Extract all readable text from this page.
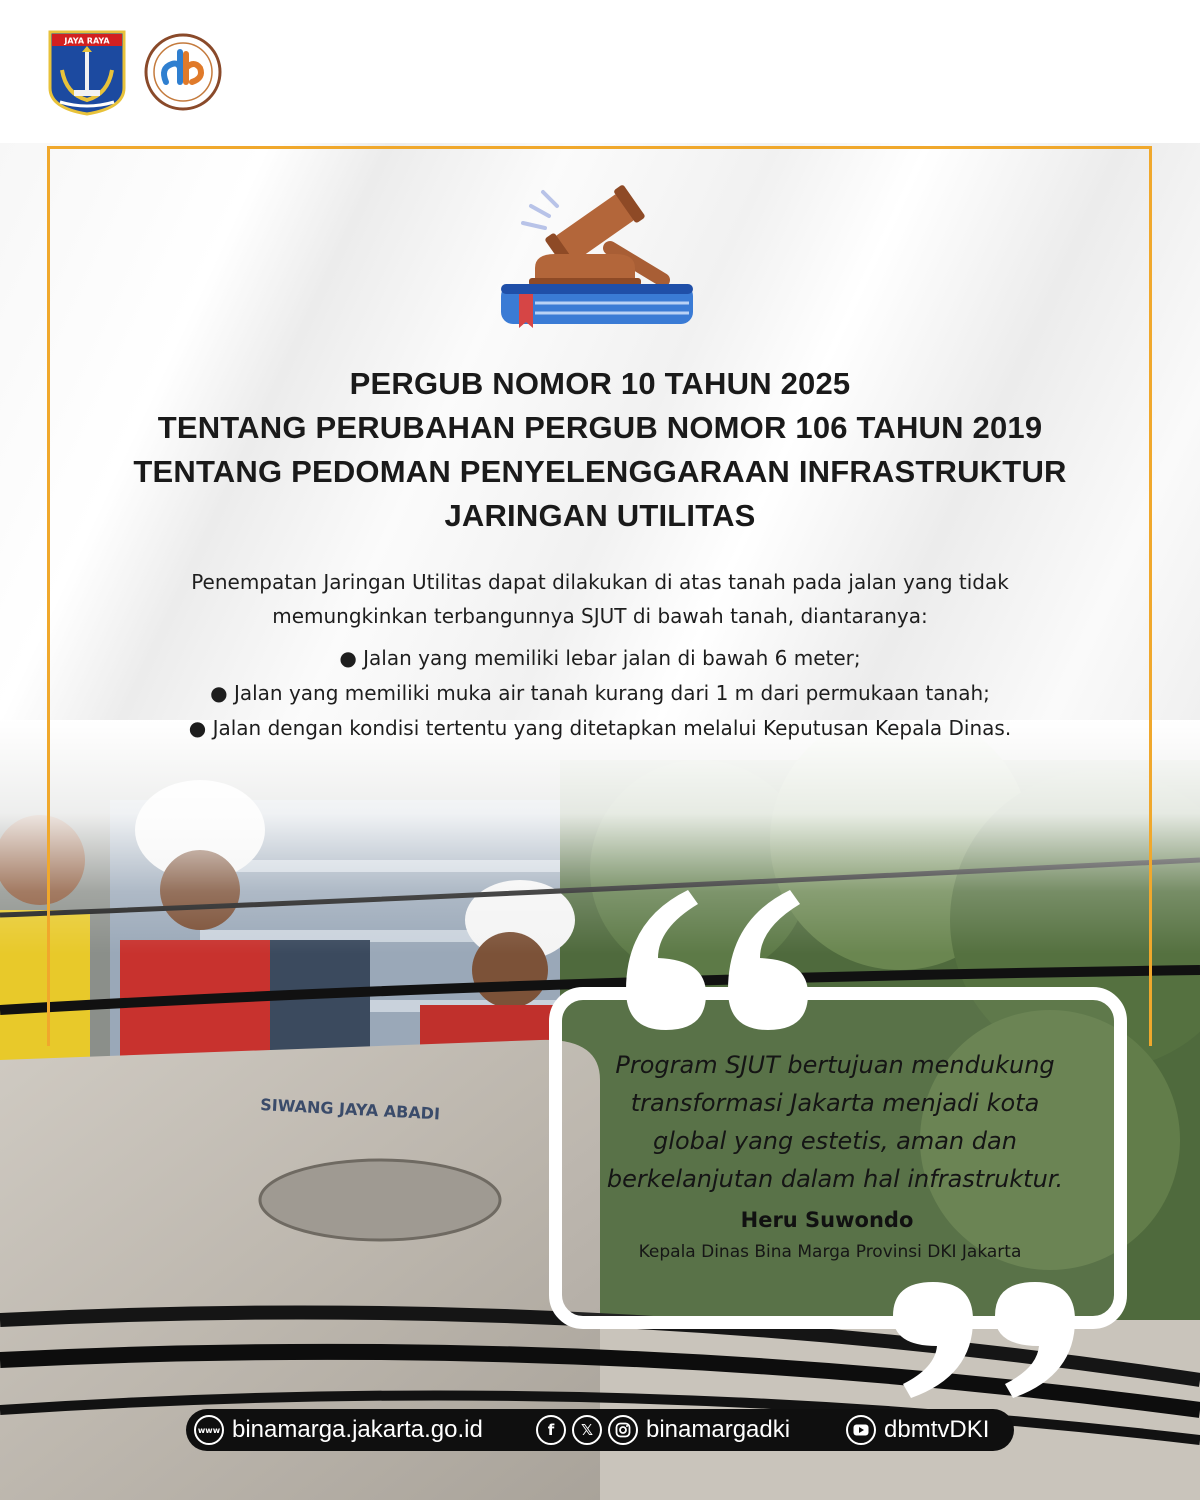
JAYA RAYA
PERGUB NOMOR 10 TAHUN 2025
TENTANG PERUBAHAN PERGUB NOMOR 106 TAHUN 2019
TENTANG PEDOMAN PENYELENGGARAAN INFRASTRUKTUR
JARINGAN UTILITAS
Penempatan Jaringan Utilitas dapat dilakukan di atas tanah pada jalan yang tidak
memungkinkan terbangunnya SJUT di bawah tanah, diantaranya:
● Jalan yang memiliki lebar jalan di bawah 6 meter;
● Jalan yang memiliki muka air tanah kurang dari 1 m dari permukaan tanah;
● Jalan dengan kondisi tertentu yang ditetapkan melalui Keputusan Kepala Dinas.
Program SJUT bertujuan mendukung
transformasi Jakarta menjadi kota
global yang estetis, aman dan
berkelanjutan dalam hal infrastruktur.
Heru Suwondo
Kepala Dinas Bina Marga Provinsi DKI Jakarta
www binamarga.jakarta.go.id	f	𝕏	binamargadki	dbmtvDKI
